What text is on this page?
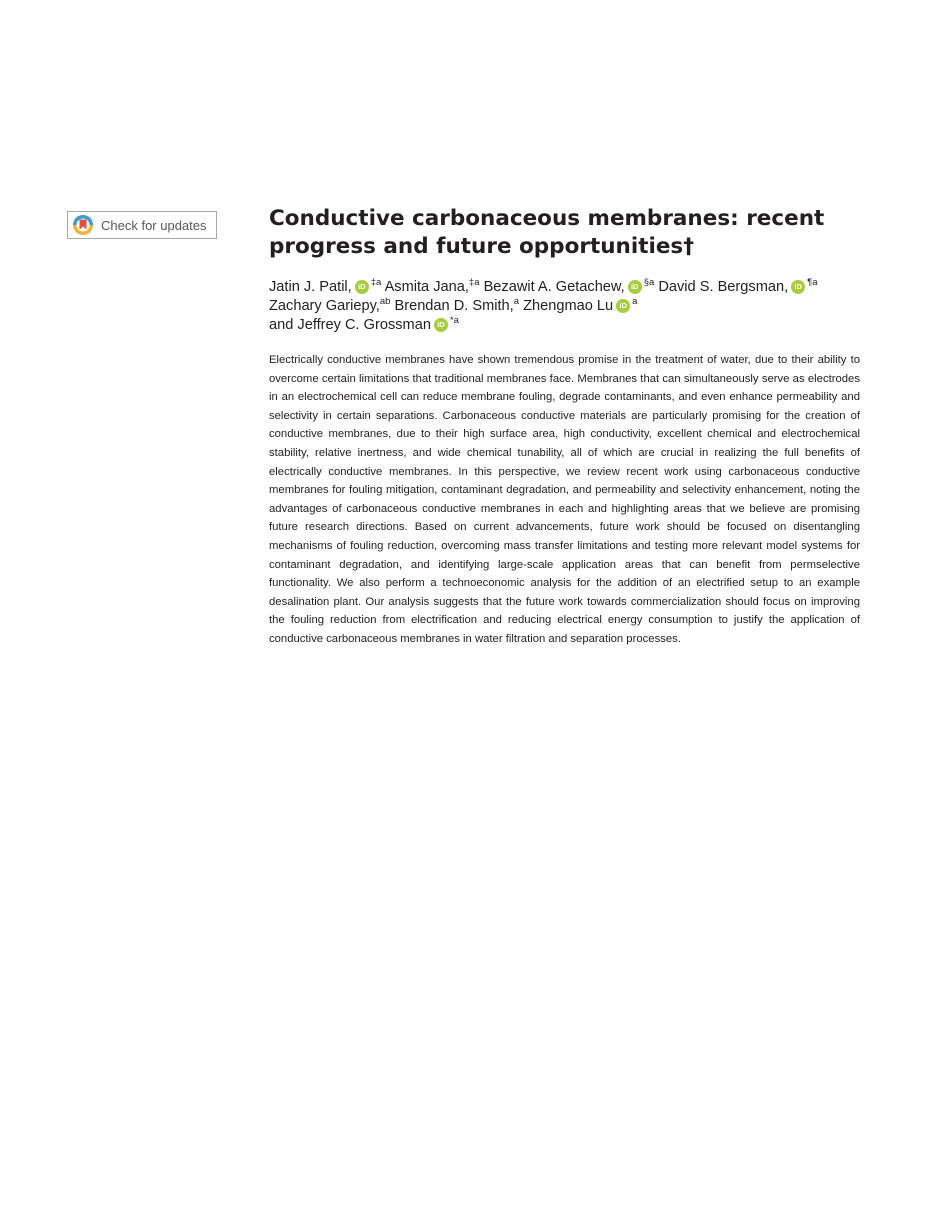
Check for updates	Conductive carbonaceous membranes: recent progress and future opportunities†
Jatin J. Patil, iD $^{\ddagger a}$ Asmita Jana,$^{\ddagger a}$ Bezawit A. Getachew, iD $^{\S a}$ David S. Bergsman, iD $^{\P a}$
Zachary Gariepy,$^{ab}$ Brendan D. Smith,$^a$ Zhengmao Lu iD $^a$
and Jeffrey C. Grossman iD $^{*a}$

Electrically conductive membranes have shown tremendous promise in the treatment of water, due to their ability to overcome certain limitations that traditional membranes face. Membranes that can simultaneously serve as electrodes in an electrochemical cell can reduce membrane fouling, degrade contaminants, and even enhance permeability and selectivity in certain separations. Carbonaceous conductive materials are particularly promising for the creation of conductive membranes, due to their high surface area, high conductivity, excellent chemical and electrochemical stability, relative inertness, and wide chemical tunability, all of which are crucial in realizing the full benefits of electrically conductive membranes. In this perspective, we review recent work using carbonaceous conductive membranes for fouling mitigation, contaminant degradation, and permeability and selectivity enhancement, noting the advantages of carbonaceous conductive membranes in each and highlighting areas that we believe are promising future research directions. Based on current advancements, future work should be focused on disentangling mechanisms of fouling reduction, overcoming mass transfer limitations and testing more relevant model systems for contaminant degradation, and identifying large-scale application areas that can benefit from permselective functionality. We also perform a technoeconomic analysis for the addition of an electrified setup to an example desalination plant. Our analysis suggests that the future work towards commercialization should focus on improving the fouling reduction from electrification and reducing electrical energy consumption to justify the application of conductive carbonaceous membranes in water filtration and separation processes.
